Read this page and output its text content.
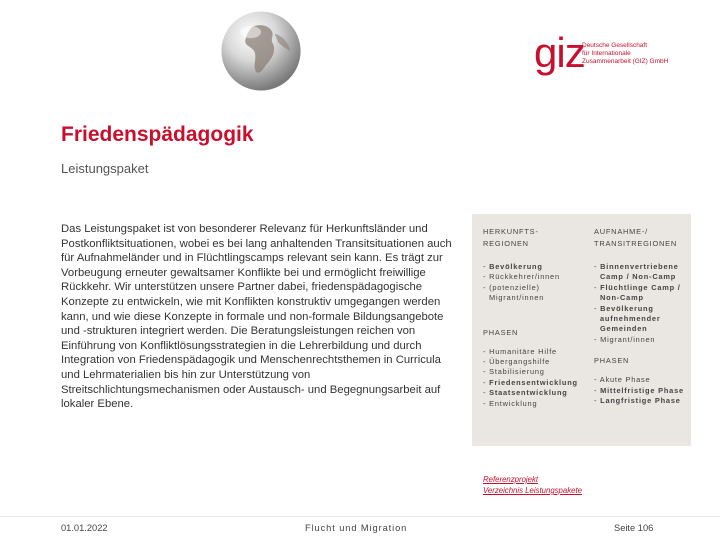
giz
Deutsche Gesellschaft
für Internationale
Zusammenarbeit (GIZ) GmbH
Friedenspädagogik
Leistungspaket

Das Leistungspaket ist von besonderer Relevanz für Herkunftsländer und Postkonfliktsituationen, wobei es bei lang anhaltenden Transitsituationen auch für Aufnahmeländer und in Flüchtlingscamps relevant sein kann. Es trägt zur Vorbeugung erneuter gewaltsamer Konflikte bei und ermöglicht freiwillige Rückkehr. Wir unterstützen unsere Partner dabei, friedenspädagogische Konzepte zu entwickeln, wie mit Konflikten konstruktiv umgegangen werden kann, und wie diese Konzepte in formale und non-formale Bildungsangebote und -strukturen integriert werden. Die Beratungsleistungen reichen von Einführung von Konfliktlösungsstrategien in die Lehrerbildung und durch Integration von Friedenspädagogik und Menschenrechtsthemen in Curricula und Lehrmaterialien bis hin zur Unterstützung von Streitschlichtungsmechanismen oder Austausch- und Begegnungsarbeit auf lokaler Ebene.

HERKUNFTS-
REGIONEN
- Bevölkerung
- Rückkehrer/innen
- (potenzielle) Migrant/innen
PHASEN
- Humanitäre Hilfe
- Übergangshilfe
- Stabilisierung
- Friedensentwicklung
- Staatsentwicklung
- Entwicklung
AUFNAHME-/
TRANSITREGIONEN
- Binnenvertriebene Camp / Non-Camp
- Flüchtlinge Camp / Non-Camp
- Bevölkerung aufnehmender Gemeinden
- Migrant/innen
PHASEN
- Akute Phase
- Mittelfristige Phase
- Langfristige Phase
Referenzprojekt
Verzeichnis Leistungspakete
01.01.2022	Flucht und Migration	Seite 106
